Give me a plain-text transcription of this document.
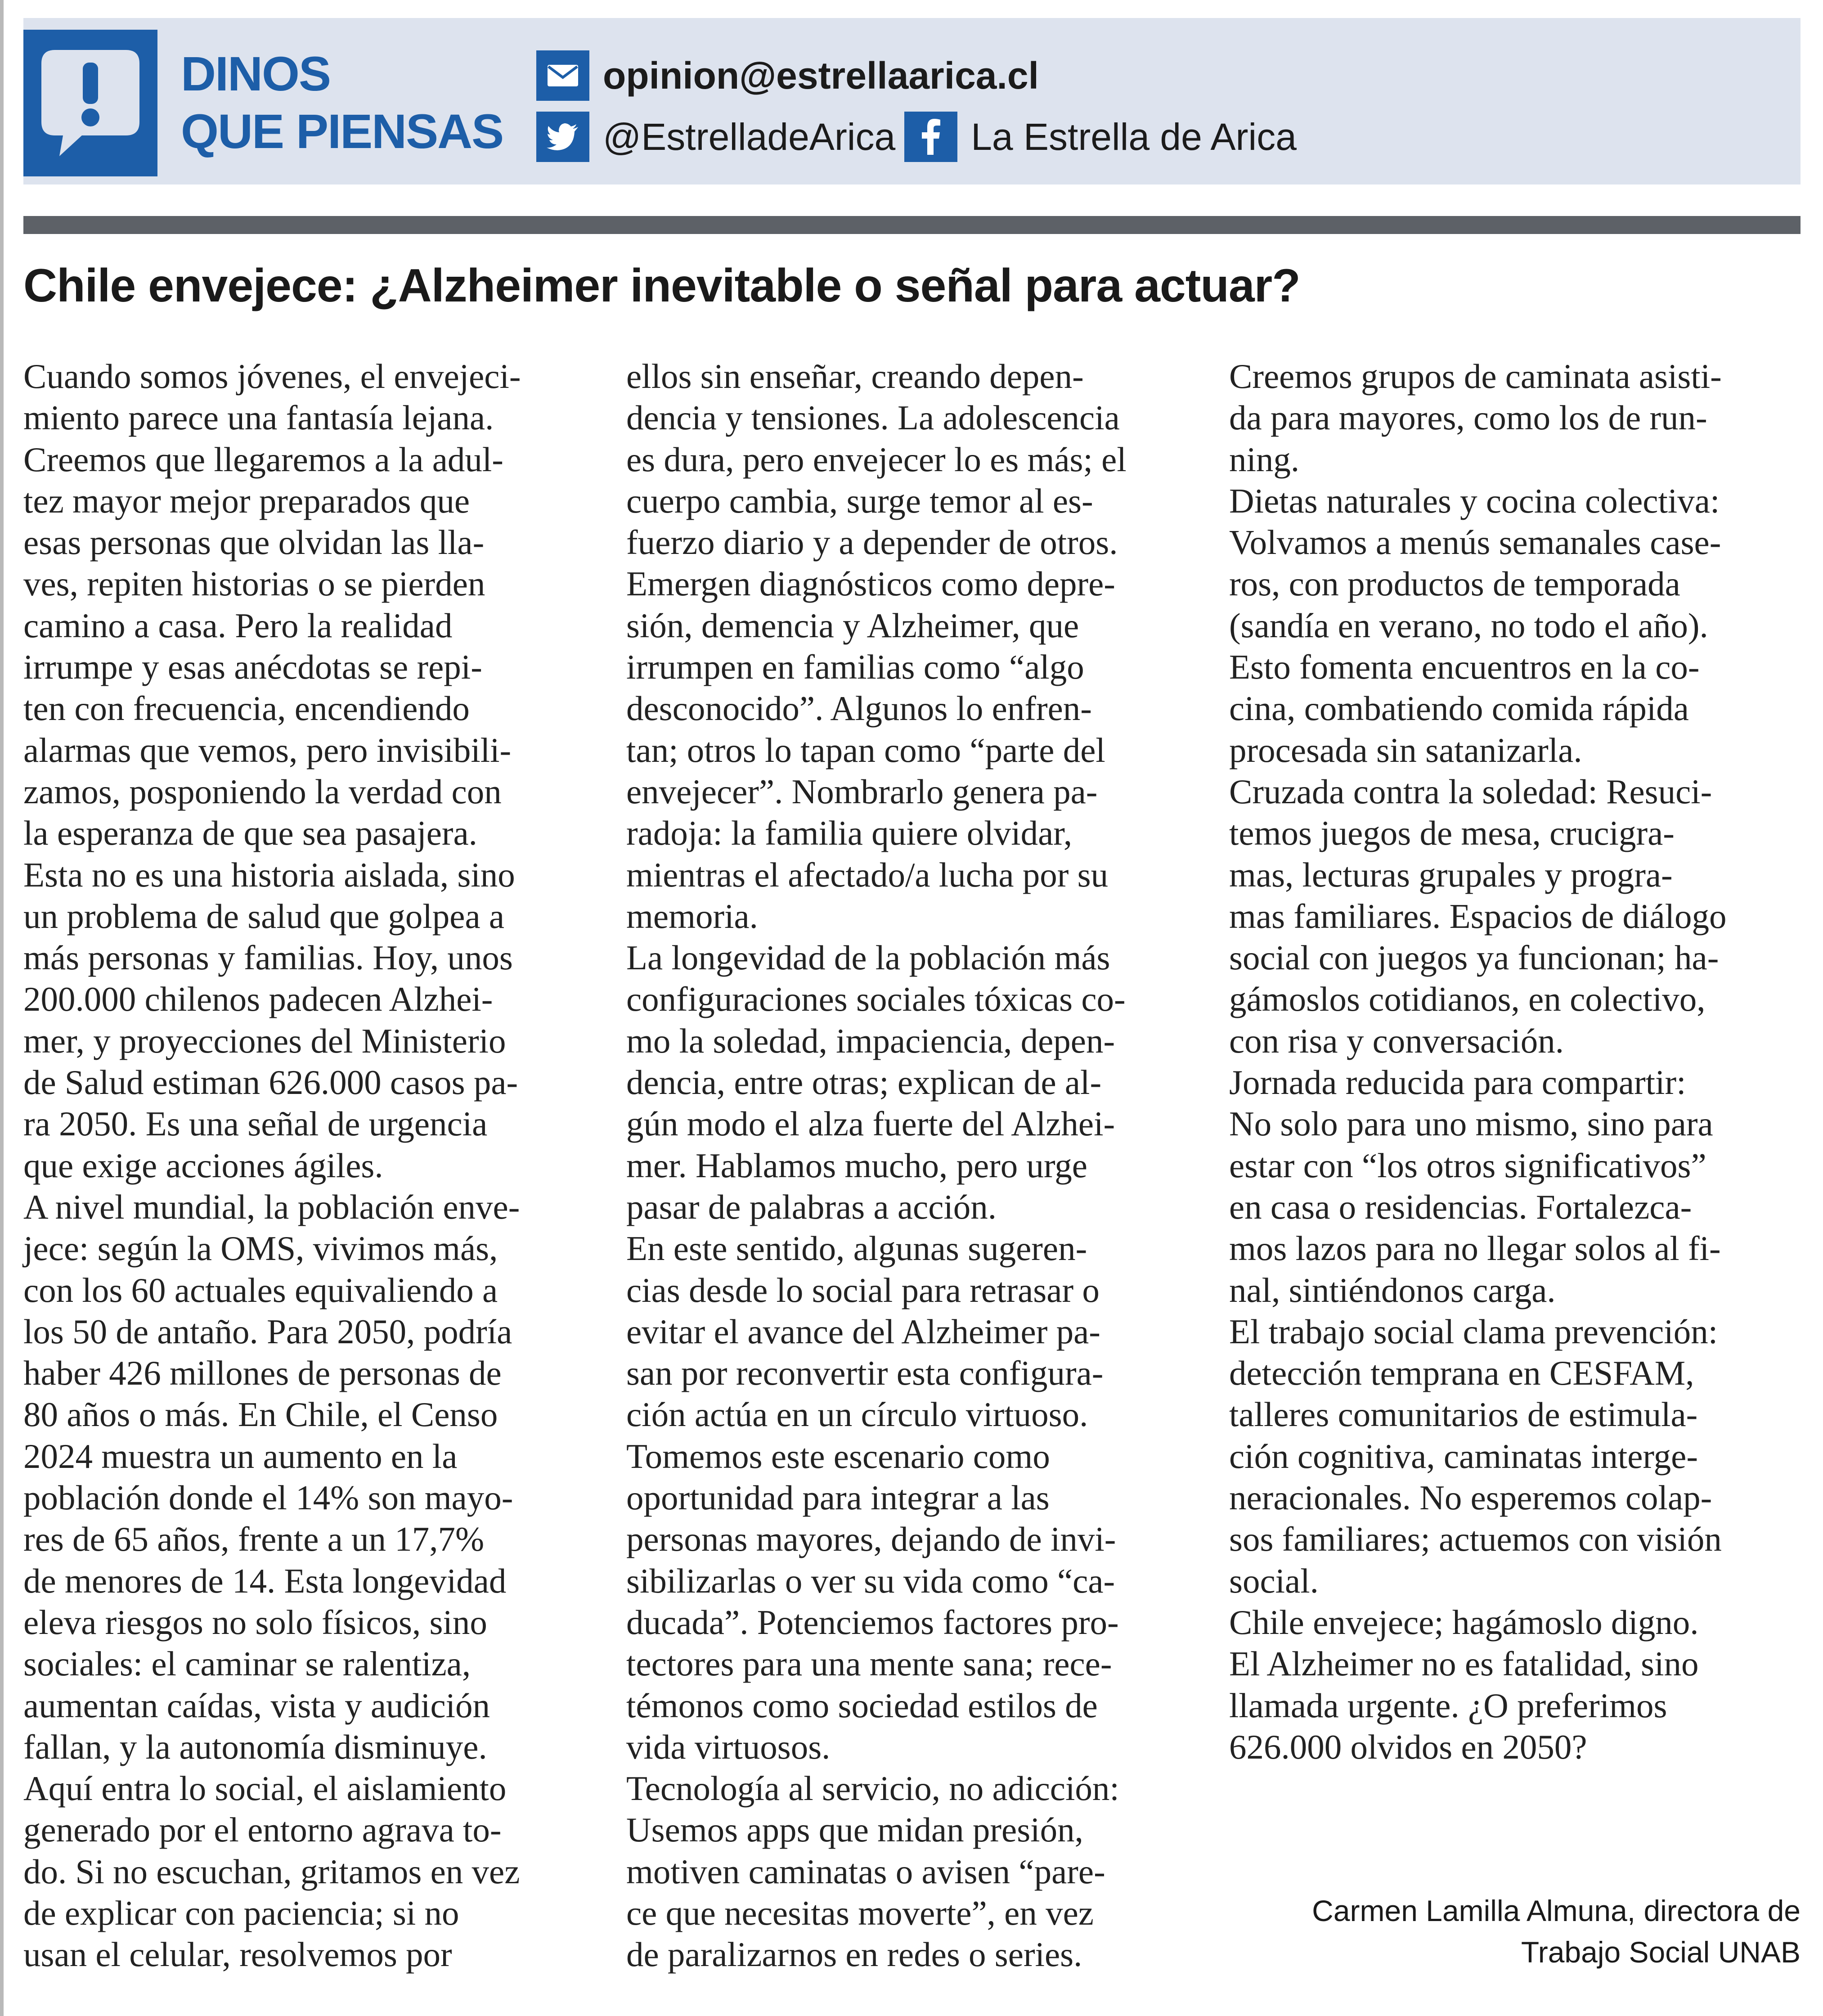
DINOS
QUE PIENSAS
opinion@estrellaarica.cl
@EstrelladeArica La Estrella de Arica
Chile envejece: ¿Alzheimer inevitable o señal para actuar?
Cuando somos jóvenes, el envejeci-
miento parece una fantasía lejana.
Creemos que llegaremos a la adul-
tez mayor mejor preparados que
esas personas que olvidan las lla-
ves, repiten historias o se pierden
camino a casa. Pero la realidad
irrumpe y esas anécdotas se repi-
ten con frecuencia, encendiendo
alarmas que vemos, pero invisibili-
zamos, posponiendo la verdad con
la esperanza de que sea pasajera.
Esta no es una historia aislada, sino
un problema de salud que golpea a
más personas y familias. Hoy, unos
200.000 chilenos padecen Alzhei-
mer, y proyecciones del Ministerio
de Salud estiman 626.000 casos pa-
ra 2050. Es una señal de urgencia
que exige acciones ágiles.
A nivel mundial, la población enve-
jece: según la OMS, vivimos más,
con los 60 actuales equivaliendo a
los 50 de antaño. Para 2050, podría
haber 426 millones de personas de
80 años o más. En Chile, el Censo
2024 muestra un aumento en la
población donde el 14% son mayo-
res de 65 años, frente a un 17,7%
de menores de 14. Esta longevidad
eleva riesgos no solo físicos, sino
sociales: el caminar se ralentiza,
aumentan caídas, vista y audición
fallan, y la autonomía disminuye.
Aquí entra lo social, el aislamiento
generado por el entorno agrava to-
do. Si no escuchan, gritamos en vez
de explicar con paciencia; si no
usan el celular, resolvemos por
ellos sin enseñar, creando depen-
dencia y tensiones. La adolescencia
es dura, pero envejecer lo es más; el
cuerpo cambia, surge temor al es-
fuerzo diario y a depender de otros.
Emergen diagnósticos como depre-
sión, demencia y Alzheimer, que
irrumpen en familias como “algo
desconocido”. Algunos lo enfren-
tan; otros lo tapan como “parte del
envejecer”. Nombrarlo genera pa-
radoja: la familia quiere olvidar,
mientras el afectado/a lucha por su
memoria.
La longevidad de la población más
configuraciones sociales tóxicas co-
mo la soledad, impaciencia, depen-
dencia, entre otras; explican de al-
gún modo el alza fuerte del Alzhei-
mer. Hablamos mucho, pero urge
pasar de palabras a acción.
En este sentido, algunas sugeren-
cias desde lo social para retrasar o
evitar el avance del Alzheimer pa-
san por reconvertir esta configura-
ción actúa en un círculo virtuoso.
Tomemos este escenario como
oportunidad para integrar a las
personas mayores, dejando de invi-
sibilizarlas o ver su vida como “ca-
ducada”. Potenciemos factores pro-
tectores para una mente sana; rece-
témonos como sociedad estilos de
vida virtuosos.
Tecnología al servicio, no adicción:
Usemos apps que midan presión,
motiven caminatas o avisen “pare-
ce que necesitas moverte”, en vez
de paralizarnos en redes o series.
Creemos grupos de caminata asisti-
da para mayores, como los de run-
ning.
Dietas naturales y cocina colectiva:
Volvamos a menús semanales case-
ros, con productos de temporada
(sandía en verano, no todo el año).
Esto fomenta encuentros en la co-
cina, combatiendo comida rápida
procesada sin satanizarla.
Cruzada contra la soledad: Resuci-
temos juegos de mesa, crucigra-
mas, lecturas grupales y progra-
mas familiares. Espacios de diálogo
social con juegos ya funcionan; ha-
gámoslos cotidianos, en colectivo,
con risa y conversación.
Jornada reducida para compartir:
No solo para uno mismo, sino para
estar con “los otros significativos”
en casa o residencias. Fortalezca-
mos lazos para no llegar solos al fi-
nal, sintiéndonos carga.
El trabajo social clama prevención:
detección temprana en CESFAM,
talleres comunitarios de estimula-
ción cognitiva, caminatas interge-
neracionales. No esperemos colap-
sos familiares; actuemos con visión
social.
Chile envejece; hagámoslo digno.
El Alzheimer no es fatalidad, sino
llamada urgente. ¿O preferimos
626.000 olvidos en 2050?
Carmen Lamilla Almuna, directora de
Trabajo Social UNAB
